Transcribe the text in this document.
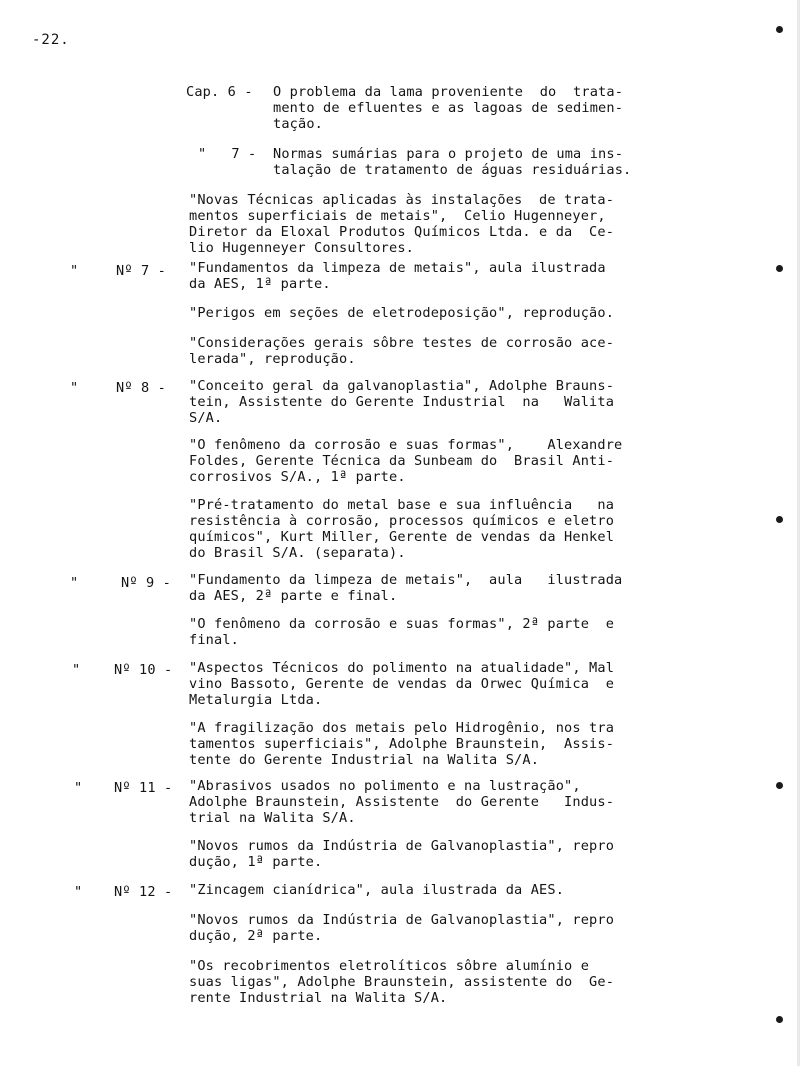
-22.
Cap. 6 - O problema da lama proveniente  do  trata-
mento de efluentes e as lagoas de sedimen-
tação.
"   7 - Normas sumárias para o projeto de uma ins-
talação de tratamento de águas residuárias.
"Novas Técnicas aplicadas às instalações  de trata-
mentos superficiais de metais",  Celio Hugenneyer,
Diretor da Eloxal Produtos Químicos Ltda. e da  Ce-
lio Hugenneyer Consultores.
"	Nº 7 - "Fundamentos da limpeza de metais", aula ilustrada
da AES, 1ª parte.
"Perigos em seções de eletrodeposição", reprodução.
"Considerações gerais sôbre testes de corrosão ace-
lerada", reprodução.
"	Nº 8 - "Conceito geral da galvanoplastia", Adolphe Brauns-
tein, Assistente do Gerente Industrial  na   Walita
S/A.
"O fenômeno da corrosão e suas formas",    Alexandre
Foldes, Gerente Técnica da Sunbeam do  Brasil Anti-
corrosivos S/A., 1ª parte.
"Pré-tratamento do metal base e sua influência   na
resistência à corrosão, processos químicos e eletro
químicos", Kurt Miller, Gerente de vendas da Henkel
do Brasil S/A. (separata).
"	Nº 9 - "Fundamento da limpeza de metais",  aula   ilustrada
da AES, 2ª parte e final.
"O fenômeno da corrosão e suas formas", 2ª parte  e
final.
" Nº 10 - "Aspectos Técnicos do polimento na atualidade", Mal
vino Bassoto, Gerente de vendas da Orwec Química  e
Metalurgia Ltda.
"A fragilização dos metais pelo Hidrogênio, nos tra
tamentos superficiais", Adolphe Braunstein,  Assis-
tente do Gerente Industrial na Walita S/A.
" Nº 11 - "Abrasivos usados no polimento e na lustração",
Adolphe Braunstein, Assistente  do Gerente   Indus-
trial na Walita S/A.
"Novos rumos da Indústria de Galvanoplastia", repro
dução, 1ª parte.
" Nº 12 - "Zincagem cianídrica", aula ilustrada da AES.
"Novos rumos da Indústria de Galvanoplastia", repro
dução, 2ª parte.
"Os recobrimentos eletrolíticos sôbre alumínio e
suas ligas", Adolphe Braunstein, assistente do  Ge-
rente Industrial na Walita S/A.
